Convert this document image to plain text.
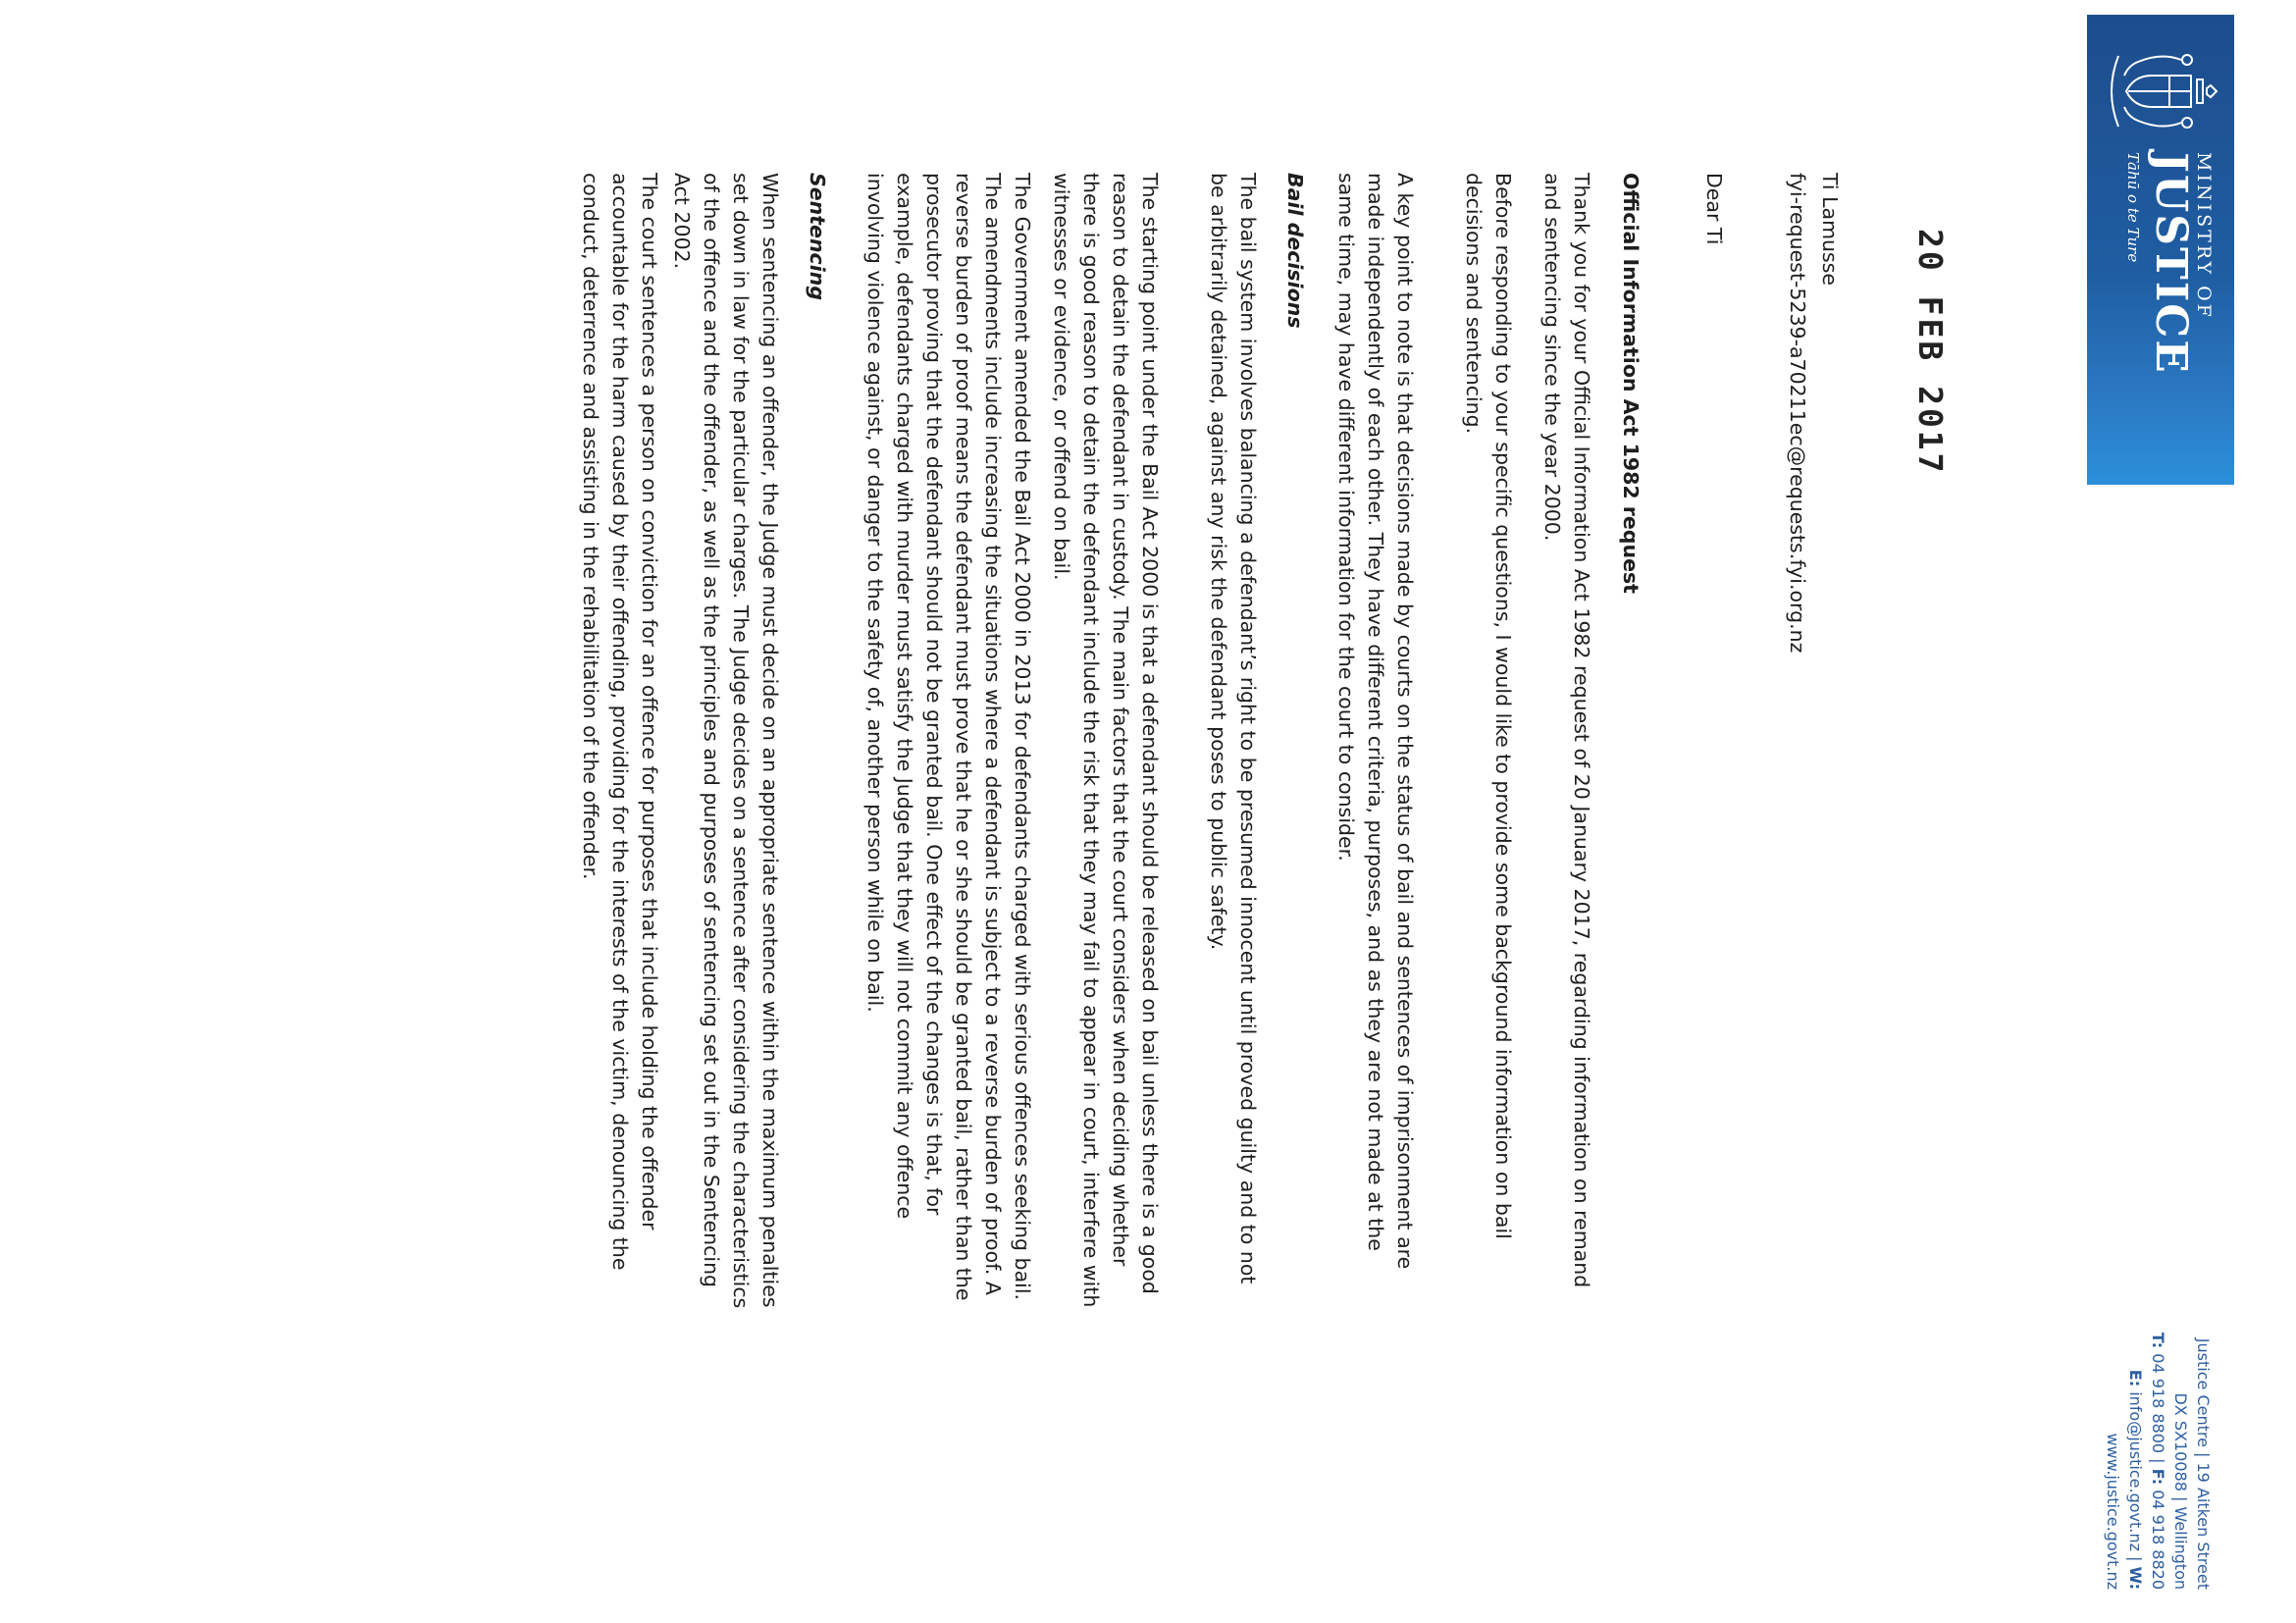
MINISTRY OF
JUSTICE
Tāhū o te Ture
Justice Centre | 19 Aitken Street
DX SX10088 | Wellington
T: 04 918 8800 | F: 04 918 8820
E: info@justice.govt.nz | W: www.justice.govt.nz
20 FEB 2017

Ti Lamusse

fyi-request-5239-a70211ec@requests.fyi.org.nz

Dear Ti

Official Information Act 1982 request

Thank you for your Official Information Act 1982 request of 20 January 2017, regarding information on remand and sentencing since the year 2000.

Before responding to your specific questions, I would like to provide some background information on bail decisions and sentencing.

A key point to note is that decisions made by courts on the status of bail and sentences of imprisonment are made independently of each other. They have different criteria, purposes, and as they are not made at the same time, may have different information for the court to consider.

Bail decisions

The bail system involves balancing a defendant’s right to be presumed innocent until proved guilty and to not be arbitrarily detained, against any risk the defendant poses to public safety.

The starting point under the Bail Act 2000 is that a defendant should be released on bail unless there is a good reason to detain the defendant in custody. The main factors that the court considers when deciding whether there is good reason to detain the defendant include the risk that they may fail to appear in court, interfere with witnesses or evidence, or offend on bail.

The Government amended the Bail Act 2000 in 2013 for defendants charged with serious offences seeking bail. The amendments include increasing the situations where a defendant is subject to a reverse burden of proof. A reverse burden of proof means the defendant must prove that he or she should be granted bail, rather than the prosecutor proving that the defendant should not be granted bail. One effect of the changes is that, for example, defendants charged with murder must satisfy the Judge that they will not commit any offence involving violence against, or danger to the safety of, another person while on bail.

Sentencing

When sentencing an offender, the Judge must decide on an appropriate sentence within the maximum penalties set down in law for the particular charges. The Judge decides on a sentence after considering the characteristics of the offence and the offender, as well as the principles and purposes of sentencing set out in the Sentencing Act 2002.

The court sentences a person on conviction for an offence for purposes that include holding the offender accountable for the harm caused by their offending, providing for the interests of the victim, denouncing the conduct, deterrence and assisting in the rehabilitation of the offender.
